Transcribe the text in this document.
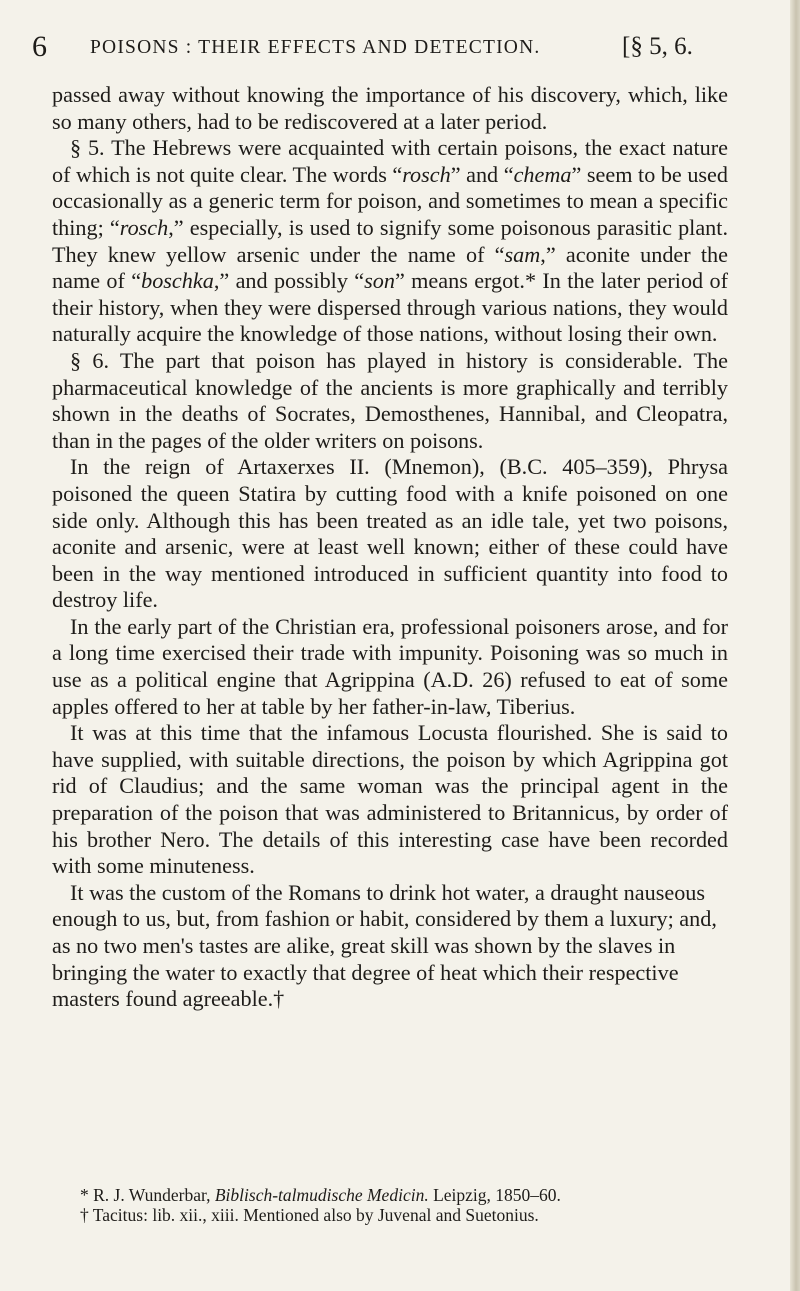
6 POISONS : THEIR EFFECTS AND DETECTION.	[§ 5, 6.

passed away without knowing the importance of his discovery, which, like so many others, had to be rediscovered at a later period.

§ 5. The Hebrews were acquainted with certain poisons, the exact nature of which is not quite clear. The words “rosch” and “chema” seem to be used occasionally as a generic term for poison, and sometimes to mean a specific thing; “rosch,” especially, is used to signify some poisonous parasitic plant. They knew yellow arsenic under the name of “sam,” aconite under the name of “boschka,” and possibly “son” means ergot.* In the later period of their history, when they were dispersed through various nations, they would naturally acquire the knowledge of those nations, without losing their own.

§ 6. The part that poison has played in history is considerable. The pharmaceutical knowledge of the ancients is more graphically and terribly shown in the deaths of Socrates, Demosthenes, Hannibal, and Cleopatra, than in the pages of the older writers on poisons.

In the reign of Artaxerxes II. (Mnemon), (B.C. 405–359), Phrysa poisoned the queen Statira by cutting food with a knife poisoned on one side only. Although this has been treated as an idle tale, yet two poisons, aconite and arsenic, were at least well known; either of these could have been in the way mentioned introduced in sufficient quantity into food to destroy life.

In the early part of the Christian era, professional poisoners arose, and for a long time exercised their trade with impunity. Poisoning was so much in use as a political engine that Agrippina (A.D. 26) refused to eat of some apples offered to her at table by her father-in-law, Tiberius.

It was at this time that the infamous Locusta flourished. She is said to have supplied, with suitable directions, the poison by which Agrippina got rid of Claudius; and the same woman was the principal agent in the preparation of the poison that was administered to Britannicus, by order of his brother Nero. The details of this interesting case have been recorded with some minuteness.

It was the custom of the Romans to drink hot water, a draught nauseous enough to us, but, from fashion or habit, considered by them a luxury; and, as no two men's tastes are alike, great skill was shown by the slaves in bringing the water to exactly that degree of heat which their respective masters found agreeable.†

* R. J. Wunderbar, Biblisch-talmudische Medicin. Leipzig, 1850–60.

† Tacitus: lib. xii., xiii. Mentioned also by Juvenal and Suetonius.
